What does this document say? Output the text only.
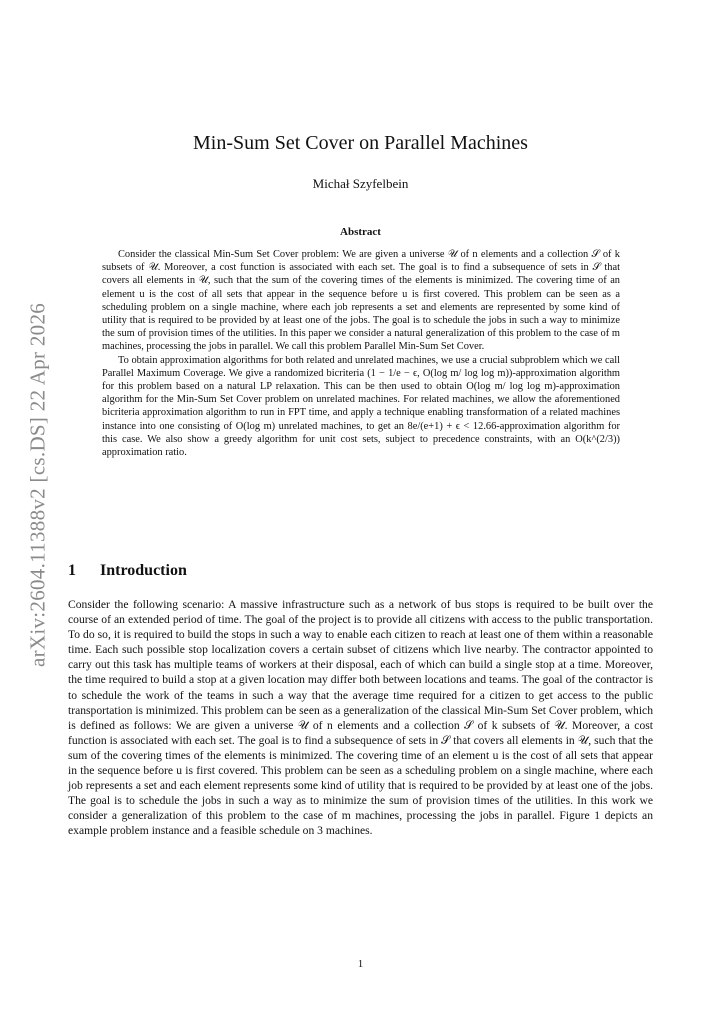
arXiv:2604.11388v2 [cs.DS] 22 Apr 2026
Min-Sum Set Cover on Parallel Machines
Michał Szyfelbein
Abstract

Consider the classical Min-Sum Set Cover problem: We are given a universe 𝒰 of n elements and a collection 𝒮 of k subsets of 𝒰. Moreover, a cost function is associated with each set. The goal is to find a subsequence of sets in 𝒮 that covers all elements in 𝒰, such that the sum of the covering times of the elements is minimized. The covering time of an element u is the cost of all sets that appear in the sequence before u is first covered. This problem can be seen as a scheduling problem on a single machine, where each job represents a set and elements are represented by some kind of utility that is required to be provided by at least one of the jobs. The goal is to schedule the jobs in such a way to minimize the sum of provision times of the utilities. In this paper we consider a natural generalization of this problem to the case of m machines, processing the jobs in parallel. We call this problem Parallel Min-Sum Set Cover.

To obtain approximation algorithms for both related and unrelated machines, we use a crucial subproblem which we call Parallel Maximum Coverage. We give a randomized bicriteria (1 − 1/e − ϵ, O(log m/ log log m))-approximation algorithm for this problem based on a natural LP relaxation. This can be then used to obtain O(log m/ log log m)-approximation algorithm for the Min-Sum Set Cover problem on unrelated machines. For related machines, we allow the aforementioned bicriteria approximation algorithm to run in FPT time, and apply a technique enabling transformation of a related machines instance into one consisting of O(log m) unrelated machines, to get an 8e/(e+1) + ϵ < 12.66-approximation algorithm for this case. We also show a greedy algorithm for unit cost sets, subject to precedence constraints, with an O(k^(2/3)) approximation ratio.

1 Introduction

Consider the following scenario: A massive infrastructure such as a network of bus stops is required to be built over the course of an extended period of time. The goal of the project is to provide all citizens with access to the public transportation. To do so, it is required to build the stops in such a way to enable each citizen to reach at least one of them within a reasonable time. Each such possible stop localization covers a certain subset of citizens which live nearby. The contractor appointed to carry out this task has multiple teams of workers at their disposal, each of which can build a single stop at a time. Moreover, the time required to build a stop at a given location may differ both between locations and teams. The goal of the contractor is to schedule the work of the teams in such a way that the average time required for a citizen to get access to the public transportation is minimized. This problem can be seen as a generalization of the classical Min-Sum Set Cover problem, which is defined as follows: We are given a universe 𝒰 of n elements and a collection 𝒮 of k subsets of 𝒰. Moreover, a cost function is associated with each set. The goal is to find a subsequence of sets in 𝒮 that covers all elements in 𝒰, such that the sum of the covering times of the elements is minimized. The covering time of an element u is the cost of all sets that appear in the sequence before u is first covered. This problem can be seen as a scheduling problem on a single machine, where each job represents a set and each element represents some kind of utility that is required to be provided by at least one of the jobs. The goal is to schedule the jobs in such a way as to minimize the sum of provision times of the utilities. In this work we consider a generalization of this problem to the case of m machines, processing the jobs in parallel. Figure 1 depicts an example problem instance and a feasible schedule on 3 machines.

1
